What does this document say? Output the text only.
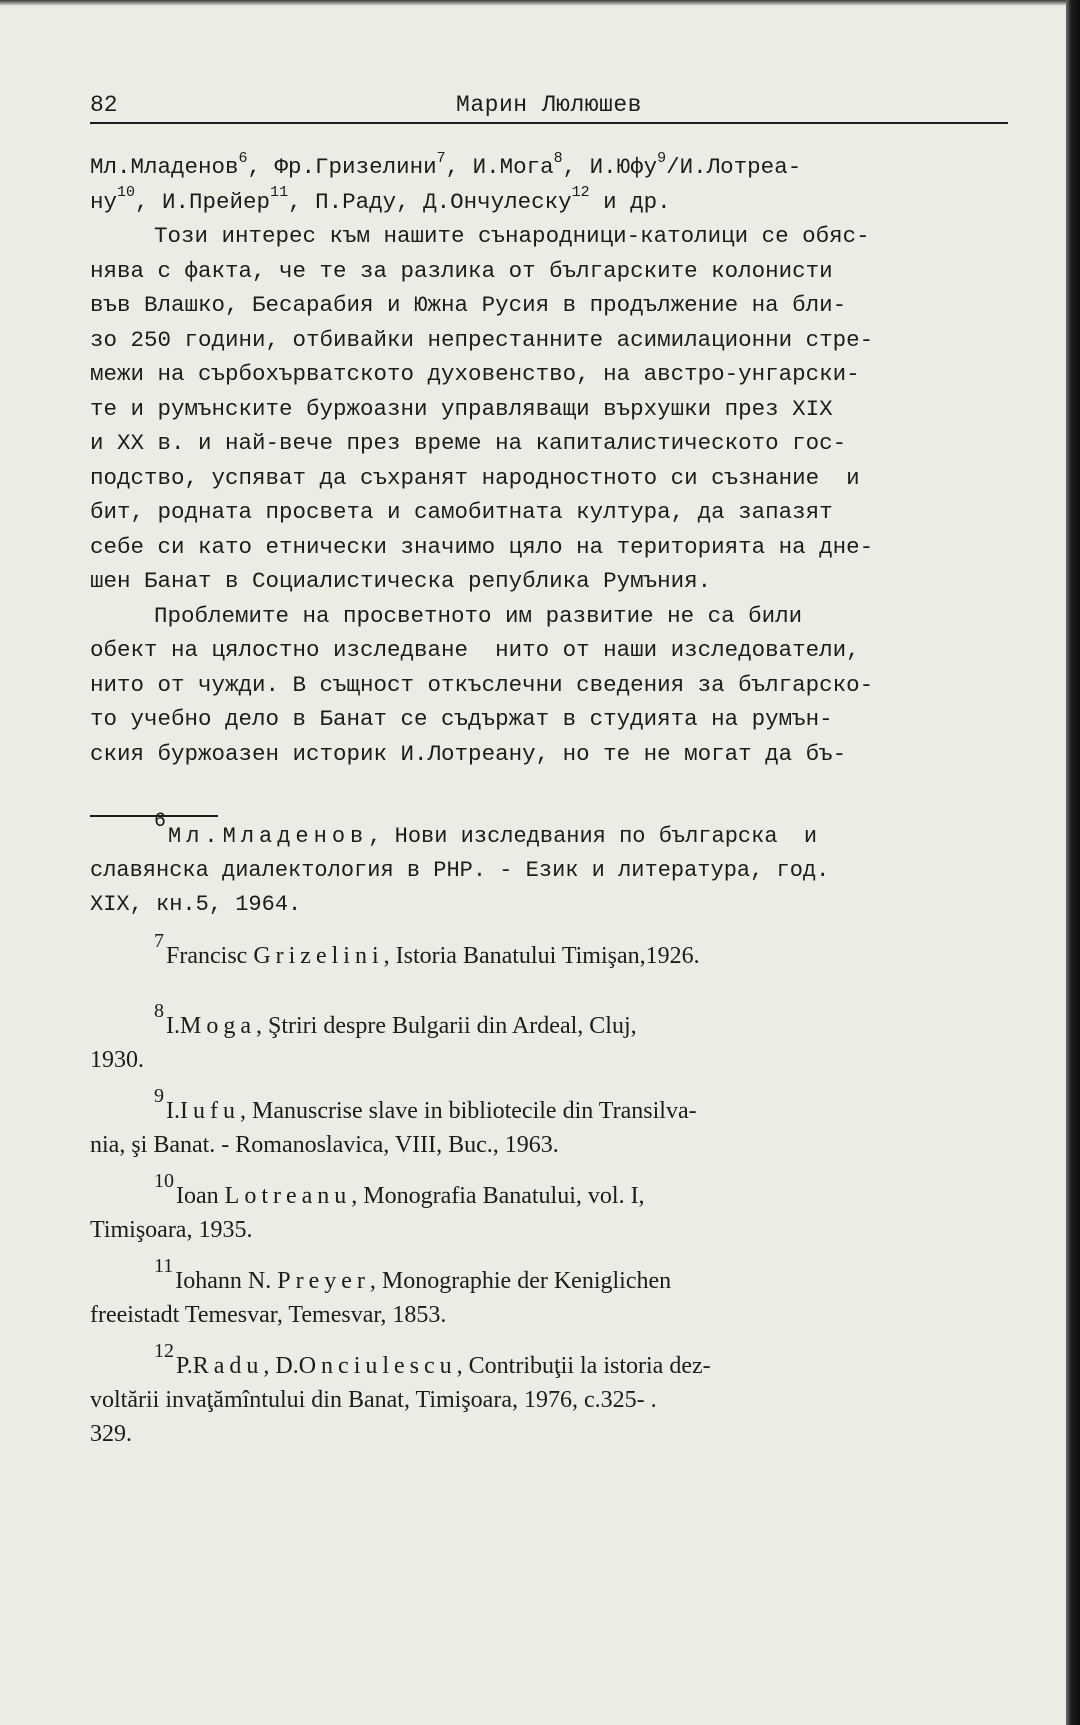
82	Марин Люлюшев
Мл.Младенов$^6$, Фр.Гризелини$^7$, И.Мога$^8$, И.Юфу$^9$/И.Лотреа-
$ну^{10}$, И.Прейер$^{11}$, П.Раду, Д.Ончулеску$^{12}$ и др.
Този интерес към нашите сънародници-католици се обяс-
нява с факта, че те за разлика от българските колонисти
във Влашко, Бесарабия и Южна Русия в продължение на бли-
зо 250 години, отбивайки непрестанните асимилационни стре-
межи на сърбохърватското духовенство, на австро-унгарски-
те и румънските буржоазни управляващи върхушки през XIX
и XX в. и най-вече през време на капиталистическото гос-
подство, успяват да съхранят народностното си съзнание  и
бит, родната просвета и самобитната култура, да запазят
себе си като етнически значимо цяло на територията на дне-
шен Банат в Социалистическа република Румъния.
Проблемите на просветното им развитие не са били
обект на цялостно изследване  нито от наши изследователи,
нито от чужди. В същност откъслечни сведения за българско-
то учебно дело в Банат се съдържат в студията на румън-
ския буржоазен историк И.Лотреану, но те не могат да бъ-
6Мл.Младенов, Нови изследвания по българска  и
славянска диалектология в РНР. - Език и литература, год.
XIX, кн.5, 1964.
$^7$Francisc Grizelini, Istoria Banatului Timişan,1926.
$^8$I.Moga, Ştriri despre Bulgarii din Ardeal, Cluj,
1930.
$^9$I.Iufu, Manuscrise slave in bibliotecile din Transilva-
nia, şi Banat. - Romanoslavica, VIII, Buc., 1963.
$^{10}$Ioan Lotreanu, Monografia Banatului, vol. I,
Timişoara, 1935.
$^{11}$Iohann N. Preyer, Monographie der Keniglichen
freeistadt Temesvar, Temesvar, 1853.
$^{12}$P.Radu, D.Onciulescu, Contribuţii la istoria dez-
voltării invaţămîntului din Banat, Timişoara, 1976, c.325- .
329.
